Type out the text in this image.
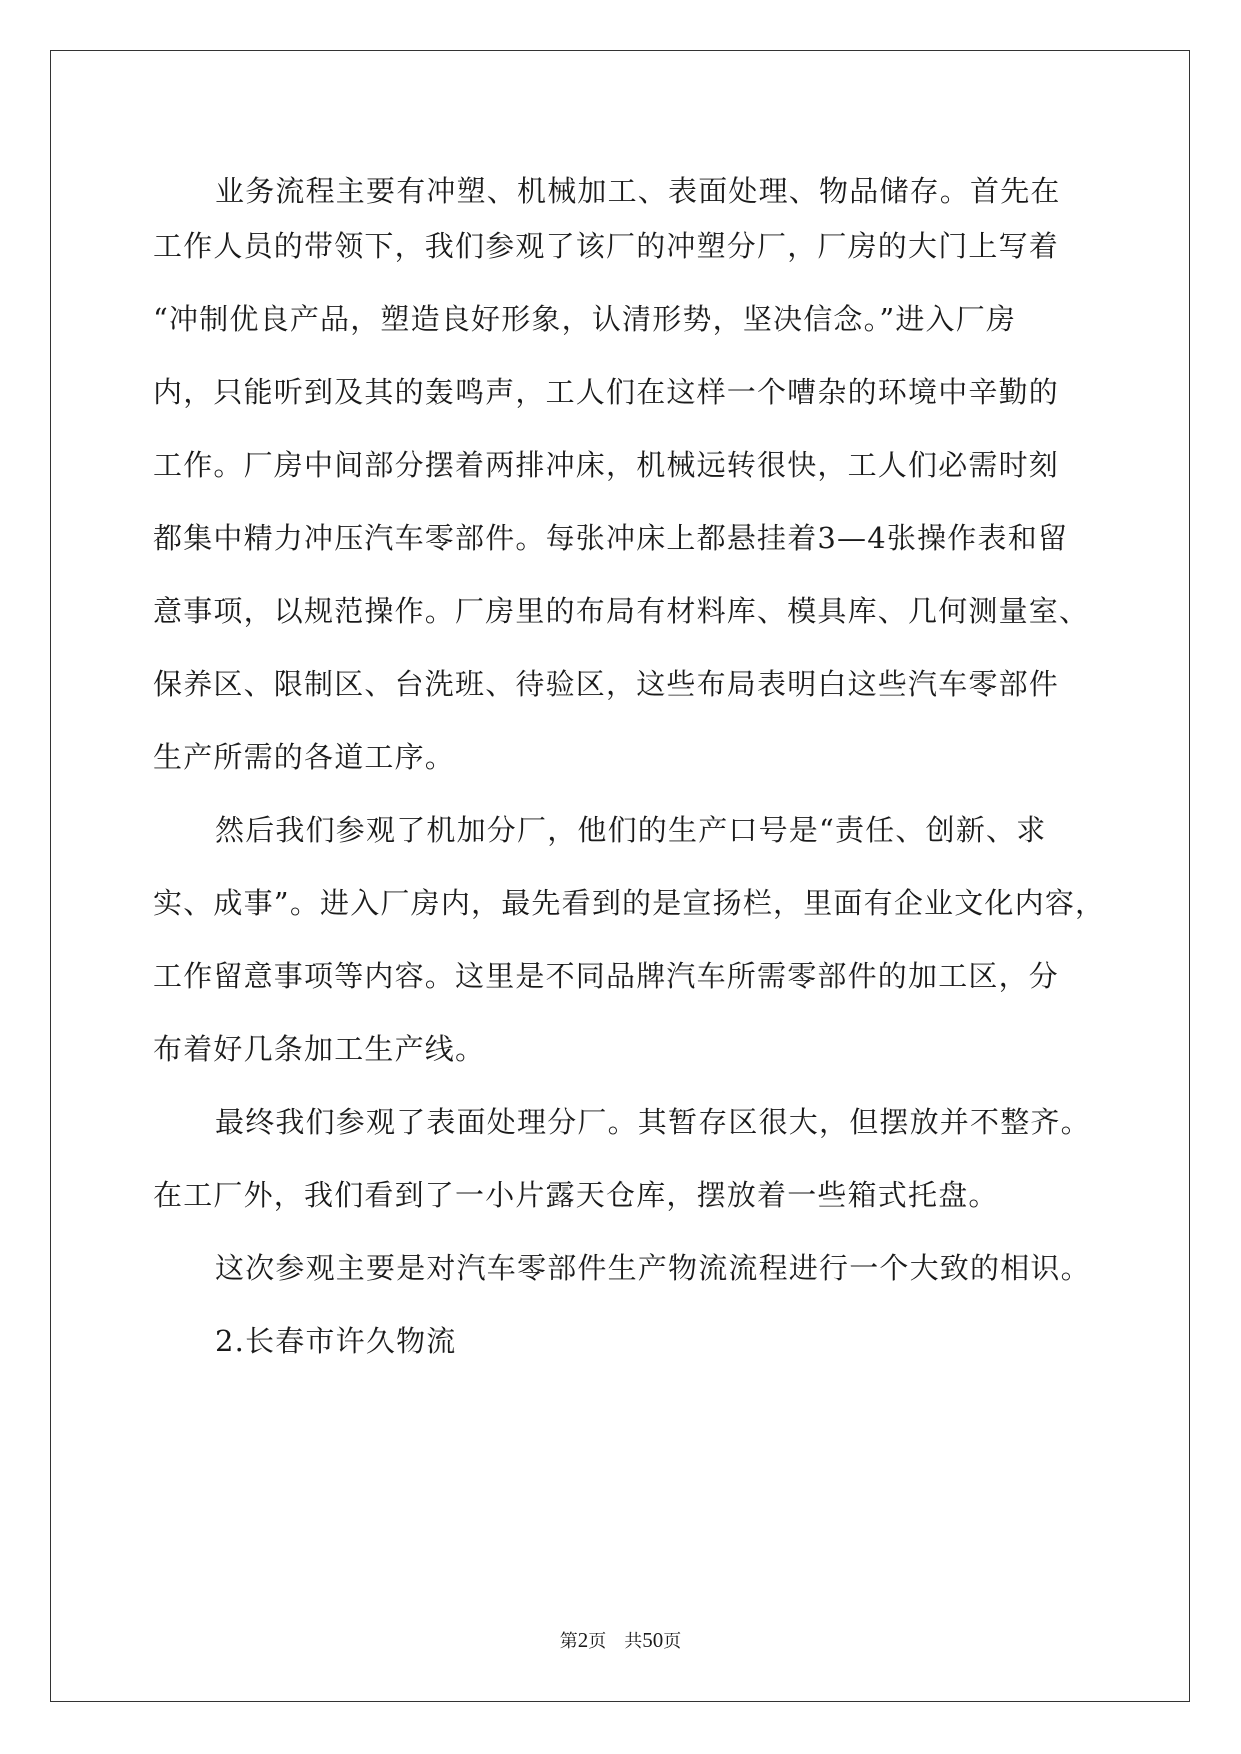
业务流程主要有冲塑、机械加工、表面处理、物品储存。首先在
工作人员的带领下，我们参观了该厂的冲塑分厂，厂房的大门上写着
“冲制优良产品，塑造良好形象，认清形势，坚决信念。”进入厂房
内，只能听到及其的轰鸣声，工人们在这样一个嘈杂的环境中辛勤的
工作。厂房中间部分摆着两排冲床，机械远转很快，工人们必需时刻
都集中精力冲压汽车零部件。每张冲床上都悬挂着3—4张操作表和留
意事项，以规范操作。厂房里的布局有材料库、模具库、几何测量室、
保养区、限制区、台洗班、待验区，这些布局表明白这些汽车零部件
生产所需的各道工序。
然后我们参观了机加分厂，他们的生产口号是“责任、创新、求
实、成事”。进入厂房内，最先看到的是宣扬栏，里面有企业文化内容，
工作留意事项等内容。这里是不同品牌汽车所需零部件的加工区，分
布着好几条加工生产线。
最终我们参观了表面处理分厂。其暂存区很大，但摆放并不整齐。
在工厂外，我们看到了一小片露天仓库，摆放着一些箱式托盘。
这次参观主要是对汽车零部件生产物流流程进行一个大致的相识。
2.长春市许久物流
第2页 共50页
